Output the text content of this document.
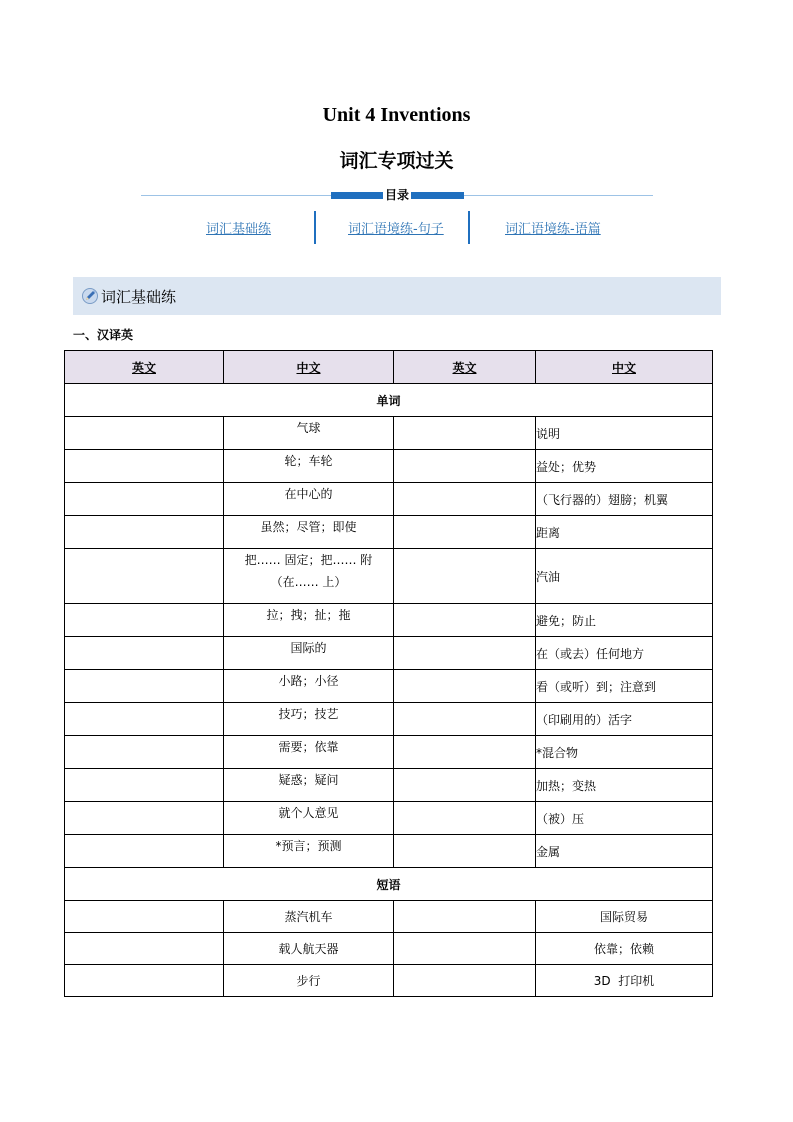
Unit 4 Inventions
词汇专项过关
目录
词汇基础练	词汇语境练-句子	词汇语境练-语篇
词汇基础练
一、汉译英
英文	中文	英文	中文
单词			
	气球		说明
	轮；车轮		益处；优势
	在中心的		（飞行器的）翅膀；机翼
	虽然；尽管；即使		距离
	把…… 固定；把…… 附（在…… 上）		汽油
	拉；拽；扯；拖		避免；防止
	国际的		在（或去）任何地方
	小路；小径		看（或听）到；注意到
	技巧；技艺		（印刷用的）活字
	需要；依靠		*混合物
	疑惑；疑问		加热；变热
	就个人意见		（被）压
	*预言；预测		金属
短语			
	蒸汽机车		国际贸易
	载人航天器		依靠；依赖
	步行		3D  打印机
